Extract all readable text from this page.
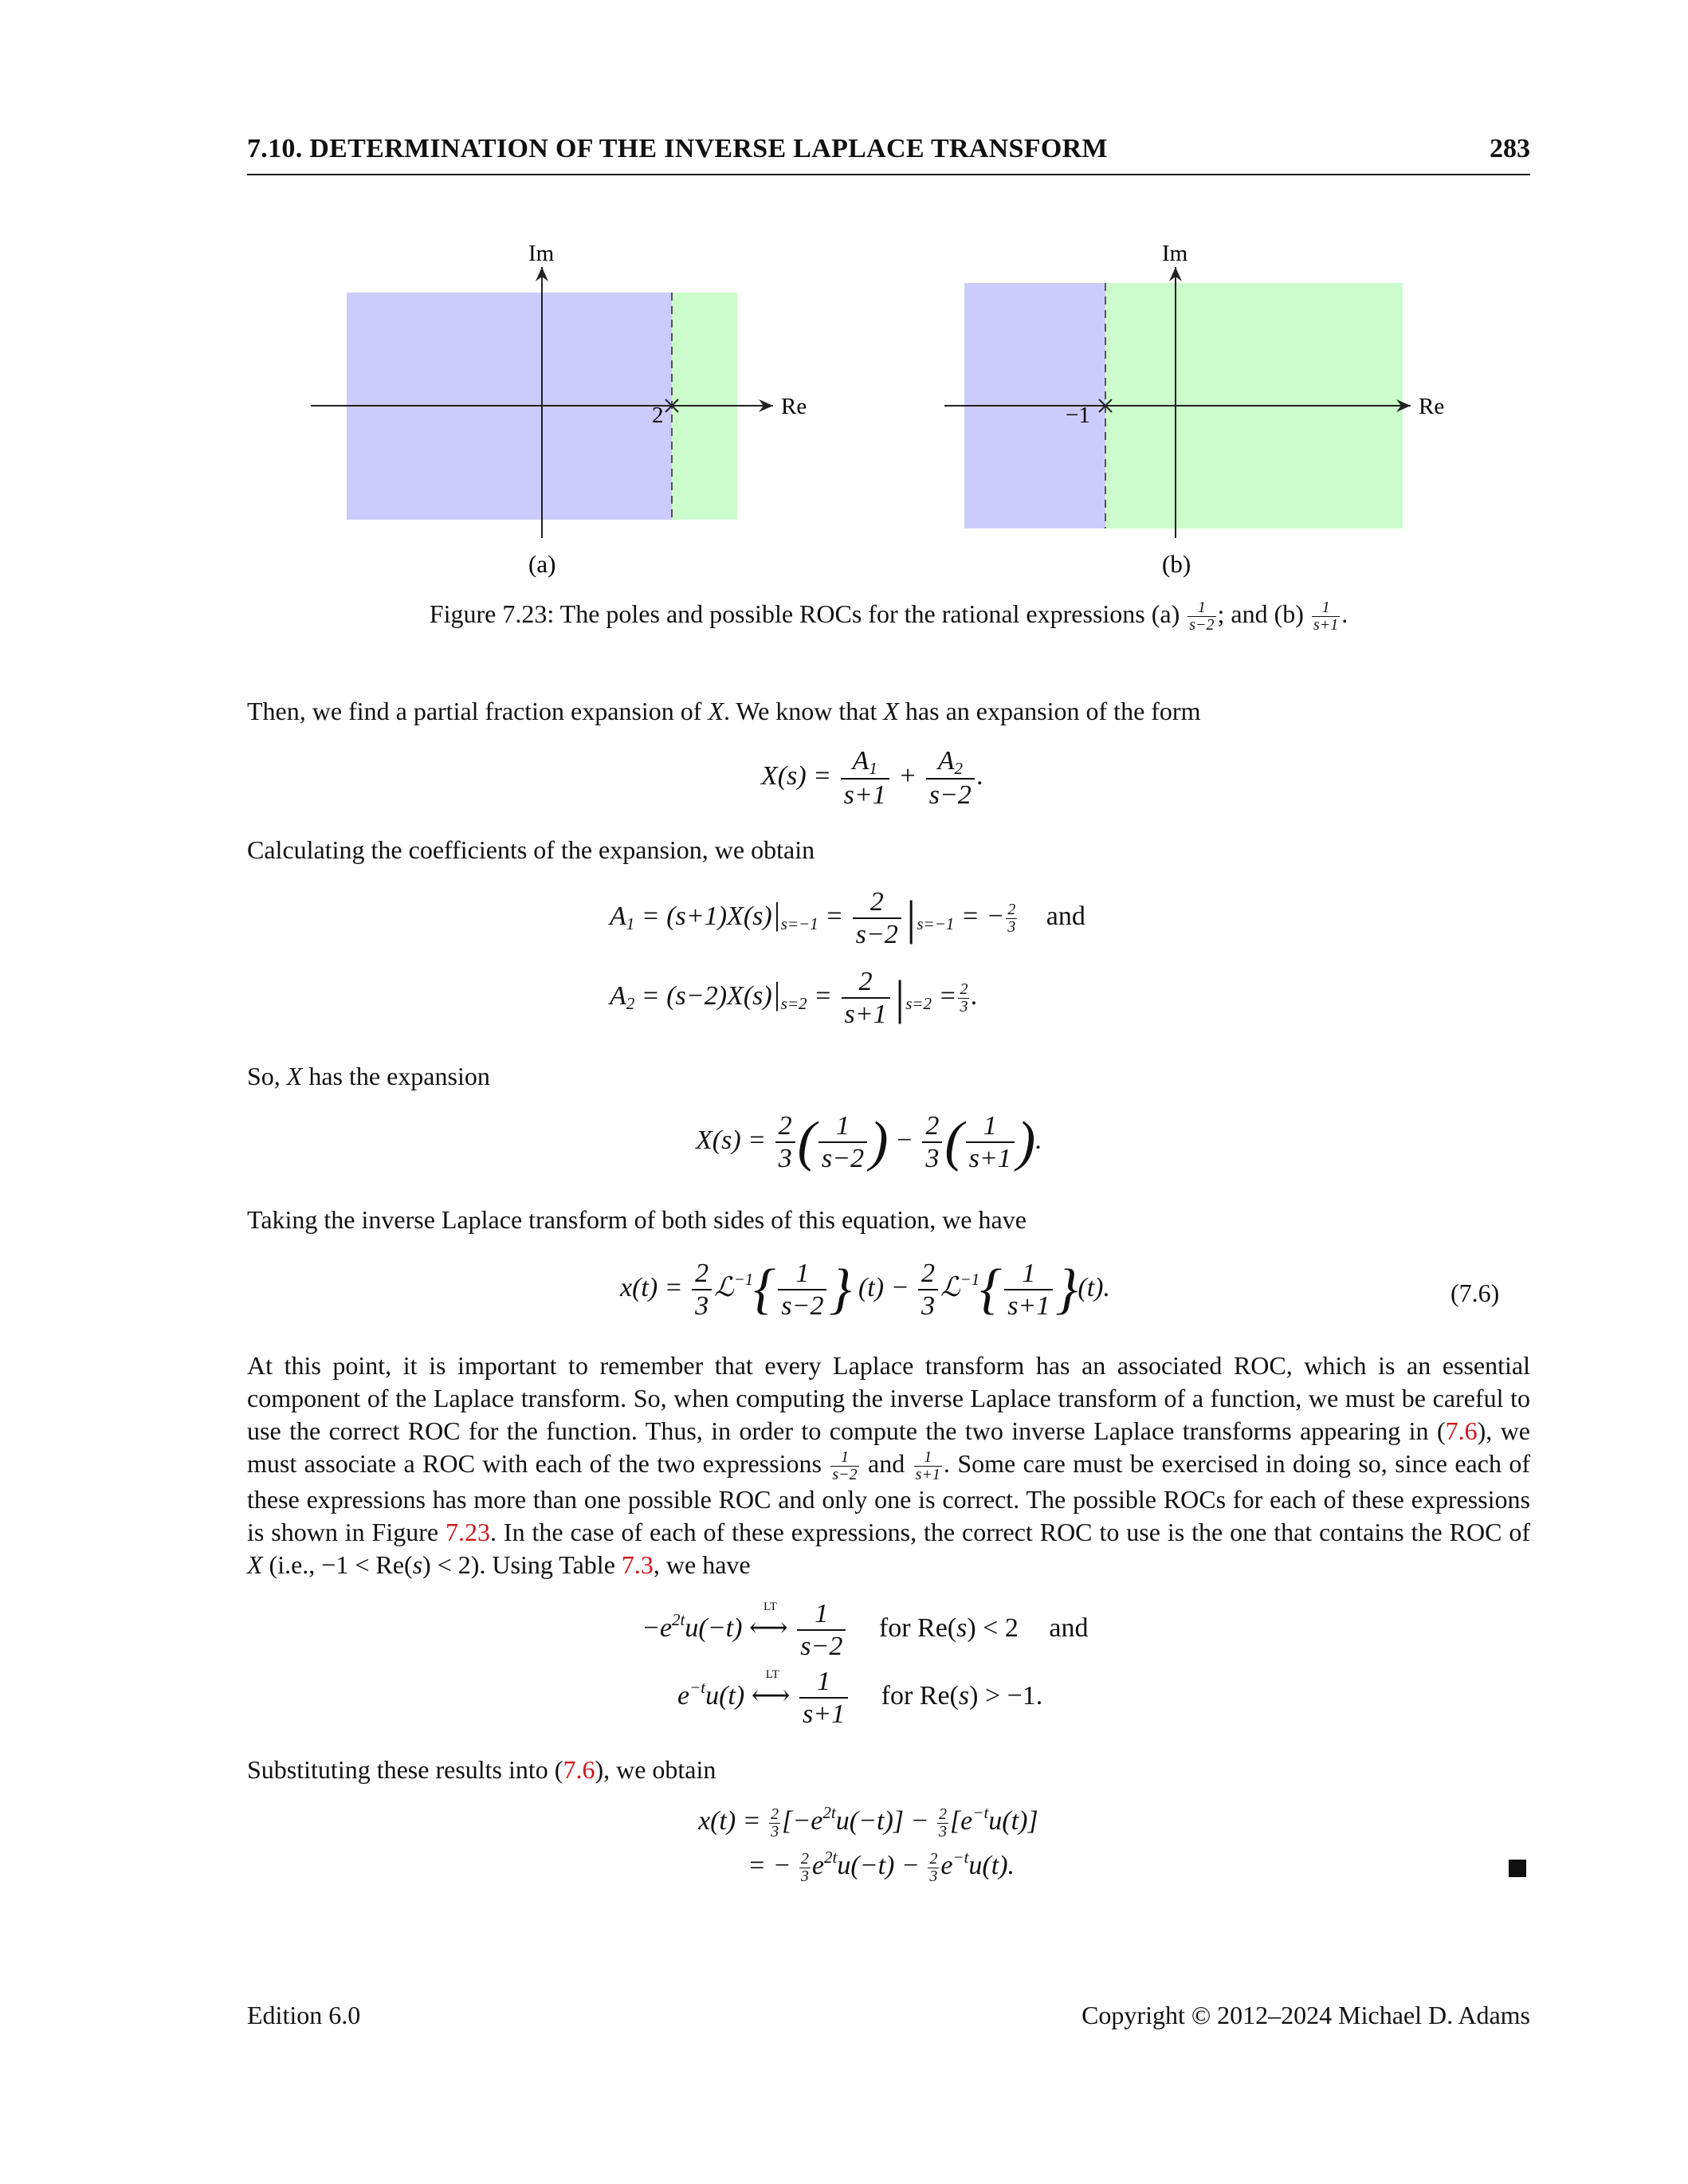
7.10. DETERMINATION OF THE INVERSE LAPLACE TRANSFORM	283
2	Re
Im
(a)
−1	Re
Im
(b)
Figure 7.23: The poles and possible ROCs for the rational expressions $(a) \frac{1}{s-2}$ ; and $(b) \frac{1}{s+1}$ .
Then, we find a partial fraction expansion of X. We know that X has an expansion of the form
$X(s) = \frac{A_1}{s+1} + \frac{A_2}{s-2}$ .
Calculating the coefficients of the expansion, we obtain
$A_1 = (s+1)X(s)|_{s=-1} = \frac{2}{s-2} |_{s=-1}$ = − $\frac{2}{3}$ and
$A_2 = (s-2)X(s)|_{s=2} = \frac{2}{s+1} |_{s=2} = \frac{2}{3}$ .
So, X has the expansion
$X(s) = \frac{2}{3}$ ( $\frac{1}{s-2}$ ) − $\frac{2}{3}$ ( $\frac{1}{s+1}$ ).
Taking the inverse Laplace transform of both sides of this equation, we have
$x(t) = \frac{2}{3}$ ℒ$^{-1}${ $\frac{1}{s-2}$ } $(t) - \frac{2}{3}$ ℒ$^{-1}${ $\frac{1}{s+1} \}(t)$.	(7.6)
At this point, it is important to remember that every Laplace transform has an associated ROC, which is an essential component of the Laplace transform. So, when computing the inverse Laplace transform of a function, we must be careful to use the correct ROC for the function. Thus, in order to compute the two inverse Laplace transforms appearing in (7.6), we must associate a ROC with each of the two expressions $\frac{1}{s-2}$ and $\frac{1}{s+1}$ . Some care must be exercised in doing so, since each of these expressions has more than one possible ROC and only one is correct. The possible ROCs for each of these expressions is shown in Figure 7.23. In the case of each of these expressions, the correct ROC to use is the one that contains the ROC of X (i.e., −1 < Re(s) < 2). Using Table 7.3, we have
$-e^{2t}u(-t)$
LT
⟷ $\frac{1}{s-2}$ for Re(s) < 2 and
$e^{-t}u(t)$
LT
⟷ $\frac{1}{s+1}$ for Re(s) > −1.
Substituting these results into (7.6), we obtain
$x(t) = \frac{2}{3} [-e^{2t}u(-t)] - \frac{2}{3} [e^{-t}u(t)]$
= − $\frac{2}{3} e^{2t}u(-t) - \frac{2}{3} e^{-t}u(t)$.
Edition 6.0	Copyright © 2012–2024 Michael D. Adams
